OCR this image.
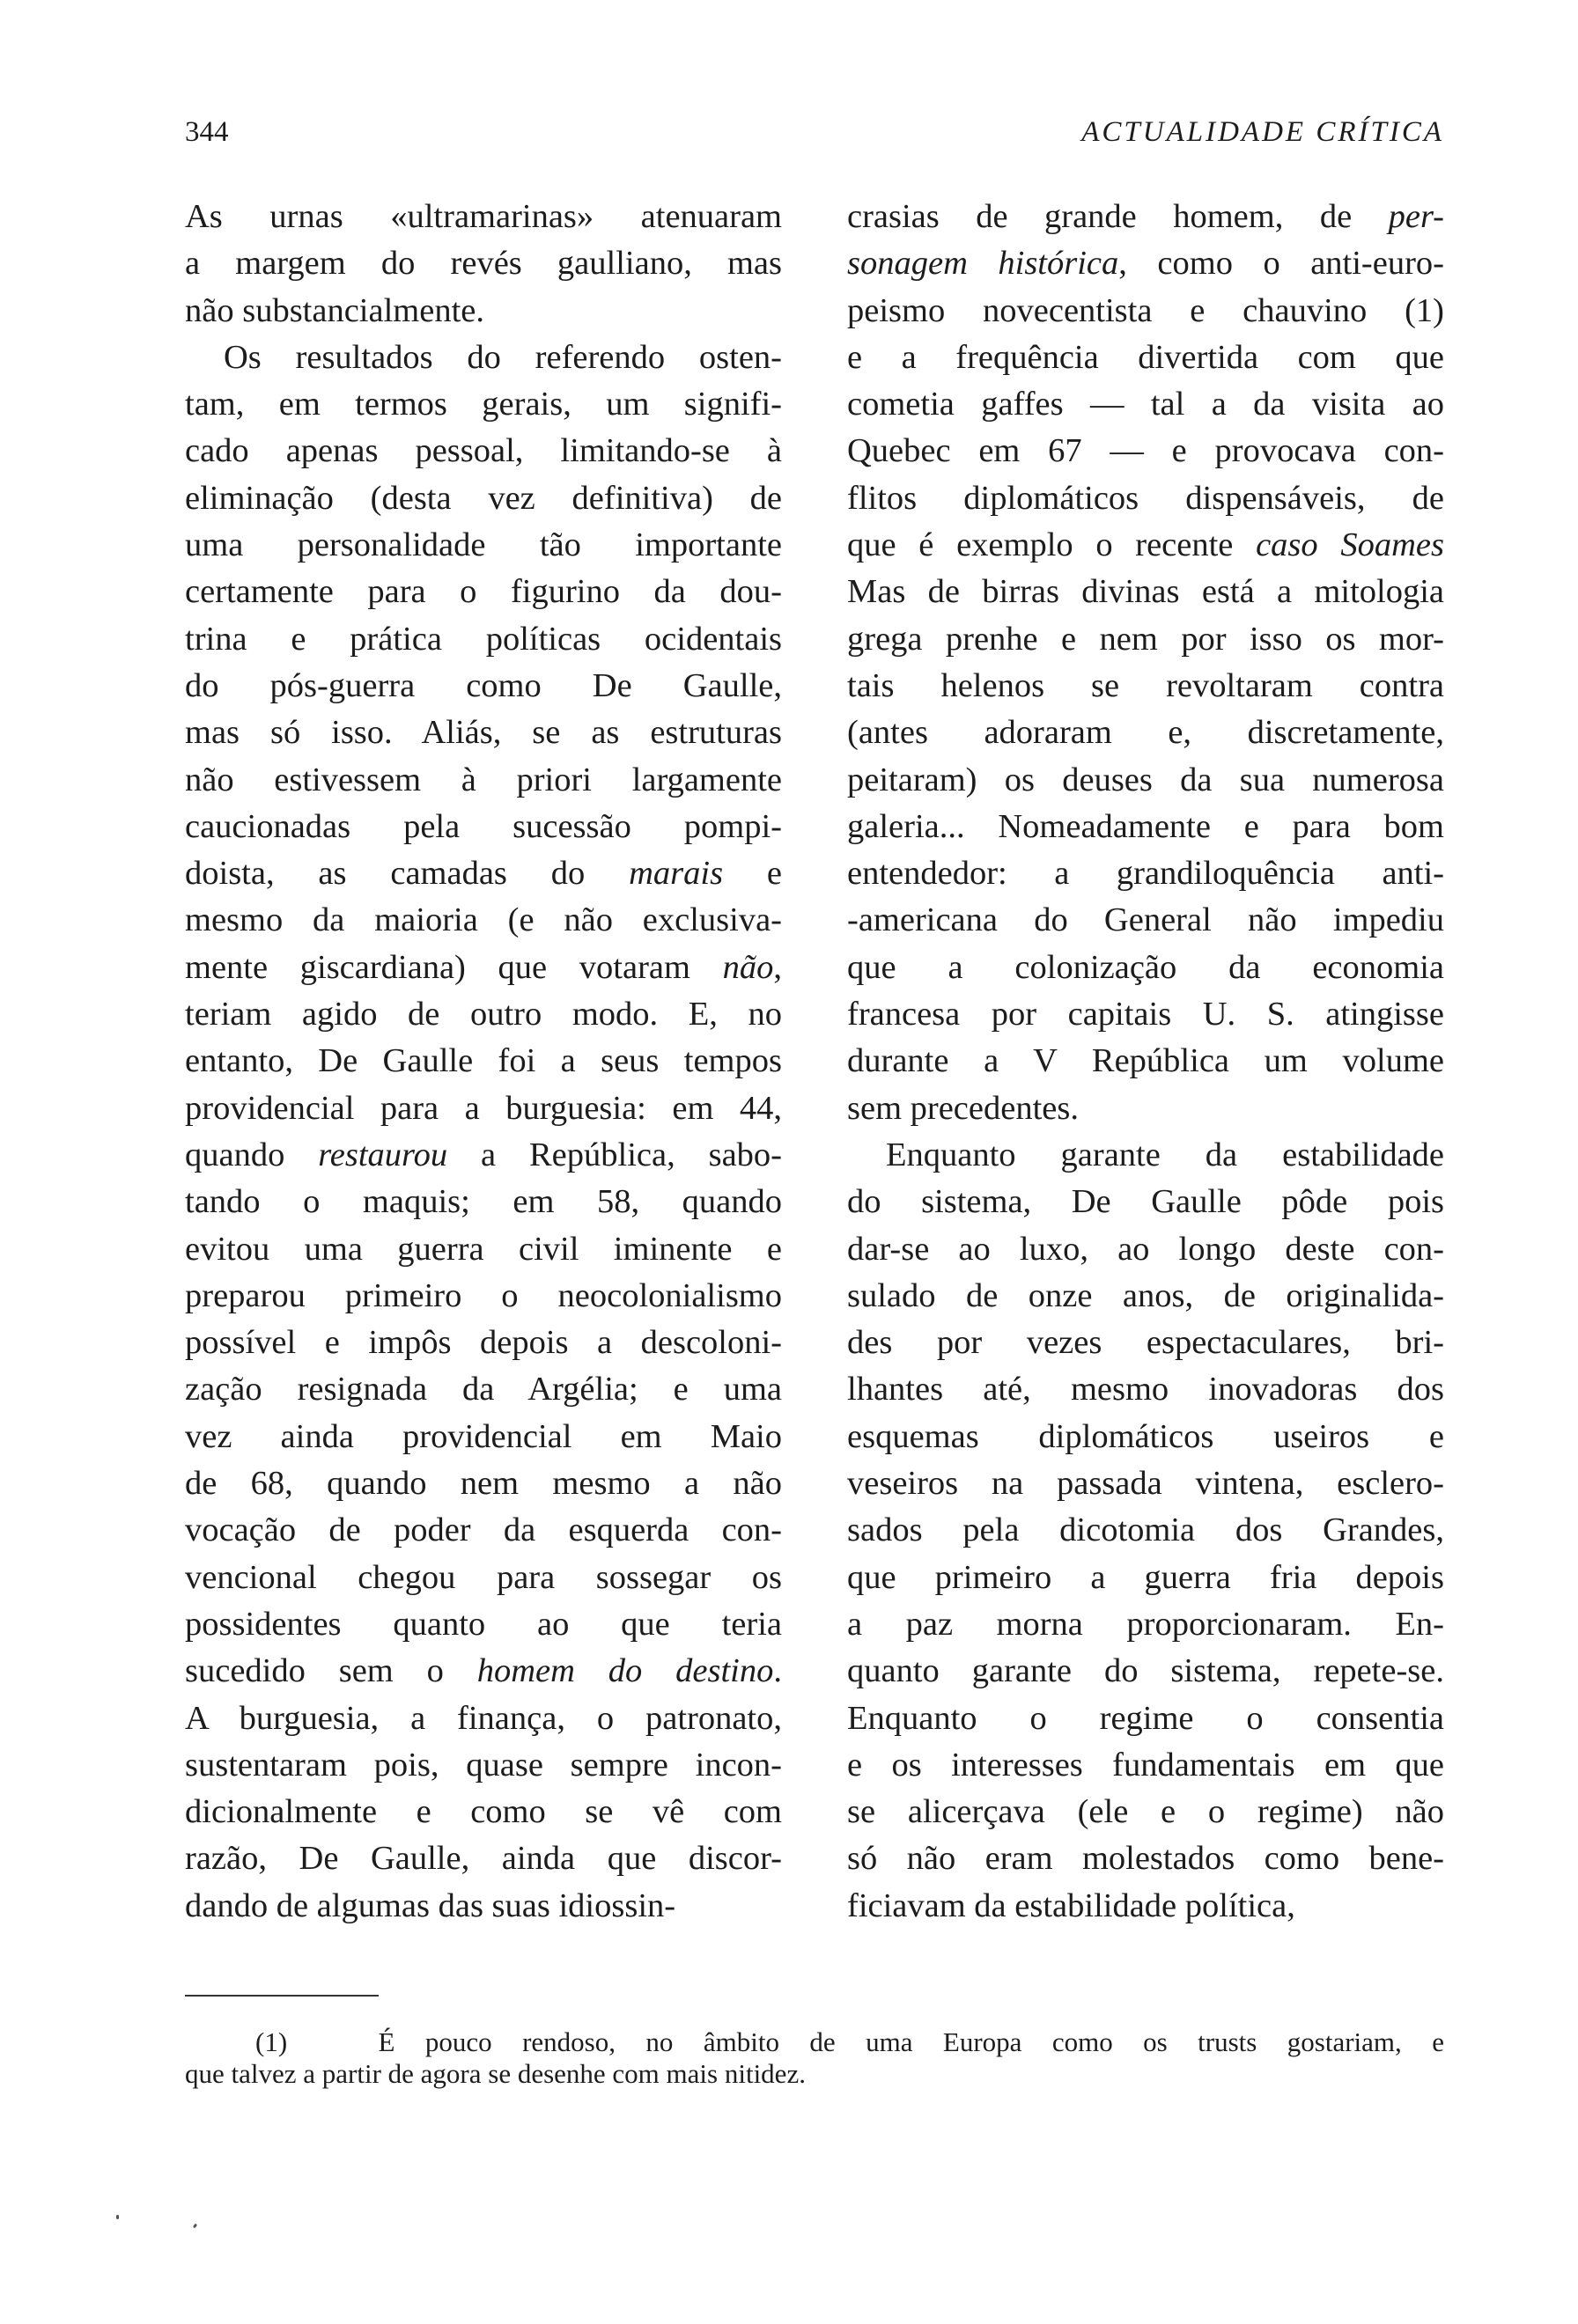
344	ACTUALIDADE CRÍTICA
As urnas «ultramarinas» atenuaram
a margem do revés gaulliano, mas
não substancialmente.
Os resultados do referendo osten-
tam, em termos gerais, um signifi-
cado apenas pessoal, limitando-se à
eliminação (desta vez definitiva) de
uma personalidade tão importante
certamente para o figurino da dou-
trina e prática políticas ocidentais
do pós-guerra como De Gaulle,
mas só isso. Aliás, se as estruturas
não estivessem à priori largamente
caucionadas pela sucessão pompi-
doista, as camadas do marais e
mesmo da maioria (e não exclusiva-
mente giscardiana) que votaram não,
teriam agido de outro modo. E, no
entanto, De Gaulle foi a seus tempos
providencial para a burguesia: em 44,
quando restaurou a República, sabo-
tando o maquis; em 58, quando
evitou uma guerra civil iminente e
preparou primeiro o neocolonialismo
possível e impôs depois a descoloni-
zação resignada da Argélia; e uma
vez ainda providencial em Maio
de 68, quando nem mesmo a não
vocação de poder da esquerda con-
vencional chegou para sossegar os
possidentes quanto ao que teria
sucedido sem o homem do destino.
A burguesia, a finança, o patronato,
sustentaram pois, quase sempre incon-
dicionalmente e como se vê com
razão, De Gaulle, ainda que discor-
dando de algumas das suas idiossin-
crasias de grande homem, de per-
sonagem histórica, como o anti-euro-
peismo novecentista e chauvino (1)
e a frequência divertida com que
cometia gaffes — tal a da visita ao
Quebec em 67 — e provocava con-
flitos diplomáticos dispensáveis, de
que é exemplo o recente caso Soames
Mas de birras divinas está a mitologia
grega prenhe e nem por isso os mor-
tais helenos se revoltaram contra
(antes adoraram e, discretamente,
peitaram) os deuses da sua numerosa
galeria... Nomeadamente e para bom
entendedor: a grandiloquência anti-
-americana do General não impediu
que a colonização da economia
francesa por capitais U. S. atingisse
durante a V República um volume
sem precedentes.
Enquanto garante da estabilidade
do sistema, De Gaulle pôde pois
dar-se ao luxo, ao longo deste con-
sulado de onze anos, de originalida-
des por vezes espectaculares, bri-
lhantes até, mesmo inovadoras dos
esquemas diplomáticos useiros e
veseiros na passada vintena, esclero-
sados pela dicotomia dos Grandes,
que primeiro a guerra fria depois
a paz morna proporcionaram. En-
quanto garante do sistema, repete-se.
Enquanto o regime o consentia
e os interesses fundamentais em que
se alicerçava (ele e o regime) não
só não eram molestados como bene-
ficiavam da estabilidade política,
(1)	É pouco rendoso, no âmbito de uma Europa como os trusts gostariam, e
que talvez a partir de agora se desenhe com mais nitidez.
